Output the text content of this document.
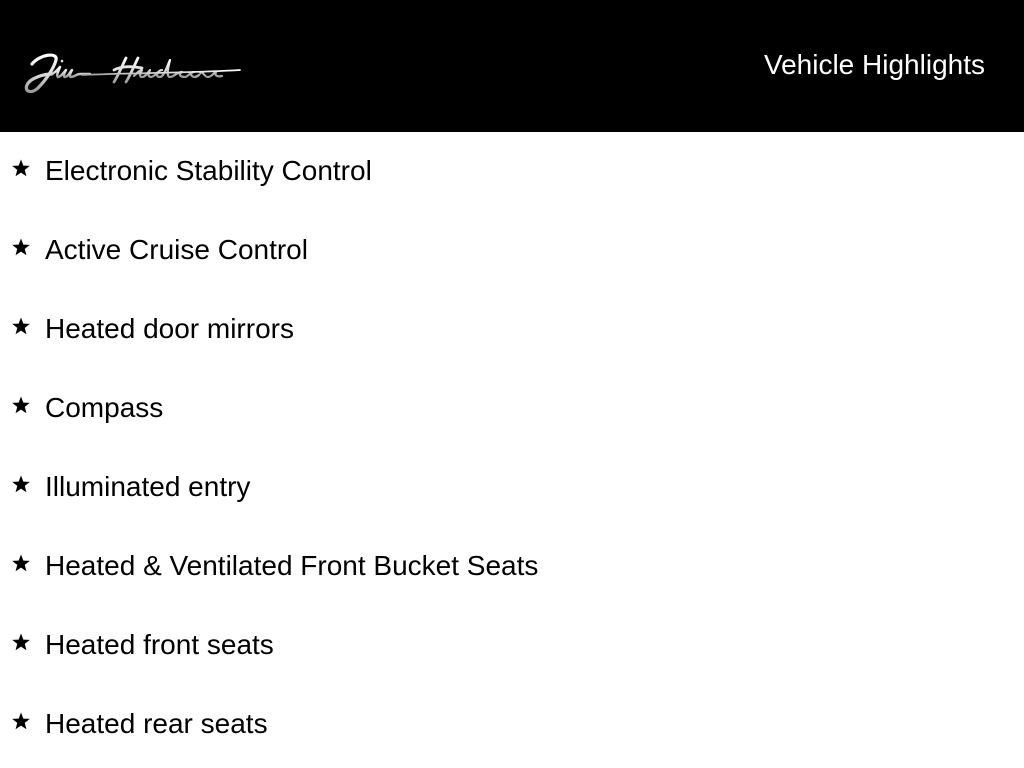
Vehicle Highlights
Electronic Stability Control
Active Cruise Control
Heated door mirrors
Compass
Illuminated entry
Heated & Ventilated Front Bucket Seats
Heated front seats
Heated rear seats
